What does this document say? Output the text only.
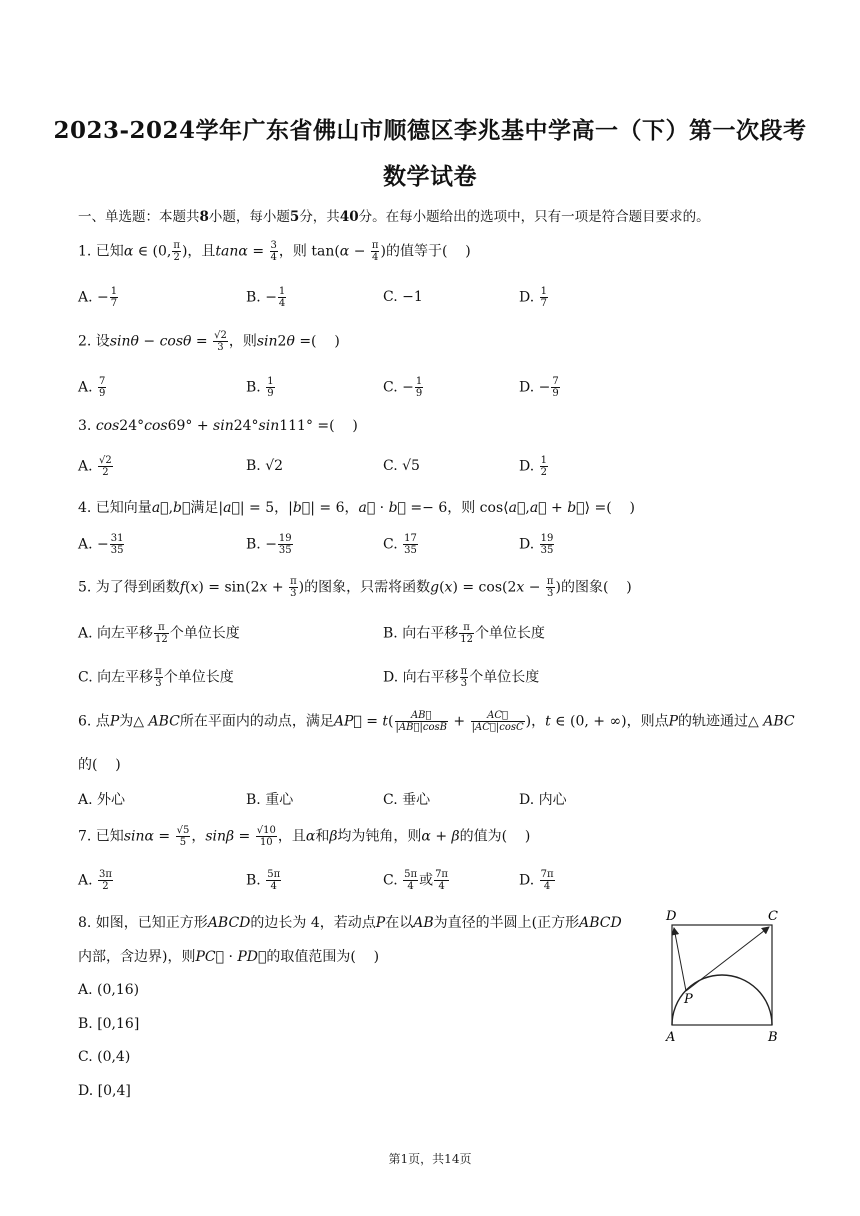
2023-2024学年广东省佛山市顺德区李兆基中学高一（下）第一次段考
数学试卷
一、单选题：本题共8小题，每小题5分，共40分。在每小题给出的选项中，只有一项是符合题目要求的。
1. 已知α ∈ (0, $\frac{\pi}{2}$ )，且$\tan\alpha = \frac{3}{4}$ ，则 $\tan(\alpha - \frac{\pi}{4}$ )的值等于(    )
A. − $\frac{1}{7}$	B. − $\frac{1}{4}$	C. −1	D. $\frac{1}{7}$
2. 设$\sin\theta - \cos\theta = \frac{√2}{3}$ ，则sin2θ =(    )
A. $\frac{7}{9}$	B. $\frac{1}{9}$	C. − $\frac{1}{9}$	D. − $\frac{7}{9}$
3. cos24°cos69° + sin24°sin111° =(    )
A. $\frac{√2}{2}$	B. √2	C. √5	D. $\frac{1}{2}$
4. 已知向量a⃗,b⃗满足|a⃗| = 5，|b⃗| = 6，a⃗ · b⃗ =− 6，则 cos⟨a⃗,a⃗ + b⃗⟩ =(    )
A. − $\frac{31}{35}$	B. − $\frac{19}{35}$	C. $\frac{17}{35}$	D. $\frac{19}{35}$
5. 为了得到函数$f(x) = \sin(2x + \frac{\pi}{3}$ )的图象，只需将函数$g(x) = \cos(2x - \frac{\pi}{3}$ )的图象(    )
A. 向左平移 $\frac{\pi}{12}$ 个单位长度	B. 向右平移 $\frac{\pi}{12}$ 个单位长度
C. 向左平移 $\frac{\pi}{3}$ 个单位长度	D. 向右平移 $\frac{\pi}{3}$ 个单位长度
6. 点P为△ ABC所在平面内的动点，满足AP⃗ = $t( \frac{AB⃗}{|AB⃗|\cos B} + \frac{AC⃗}{|AC⃗|\cos C}$ )，t ∈ (0, + ∞)，则点P的轨迹通过△ ABC
的(    )
A. 外心	B. 重心	C. 垂心	D. 内心
7. 已知$\sin\alpha = \frac{√5}{5}$ ，$\sin\beta = \frac{√10}{10}$ ，且α和β均为钝角，则α + β的值为(    )
A. $\frac{3\pi}{2}$	B. $\frac{5\pi}{4}$	C. $\frac{5\pi}{4}$ 或 $\frac{7\pi}{4}$	D. $\frac{7\pi}{4}$
8. 如图，已知正方形ABCD的边长为 4，若动点P在以AB为直径的半圆上(正方形ABCD
内部，含边界)，则PC⃗ · PD⃗的取值范围为(    )
A. (0,16)
B. [0,16]
C. (0,4)
D. [0,4]
D	C
A	B
P
第1页，共14页
